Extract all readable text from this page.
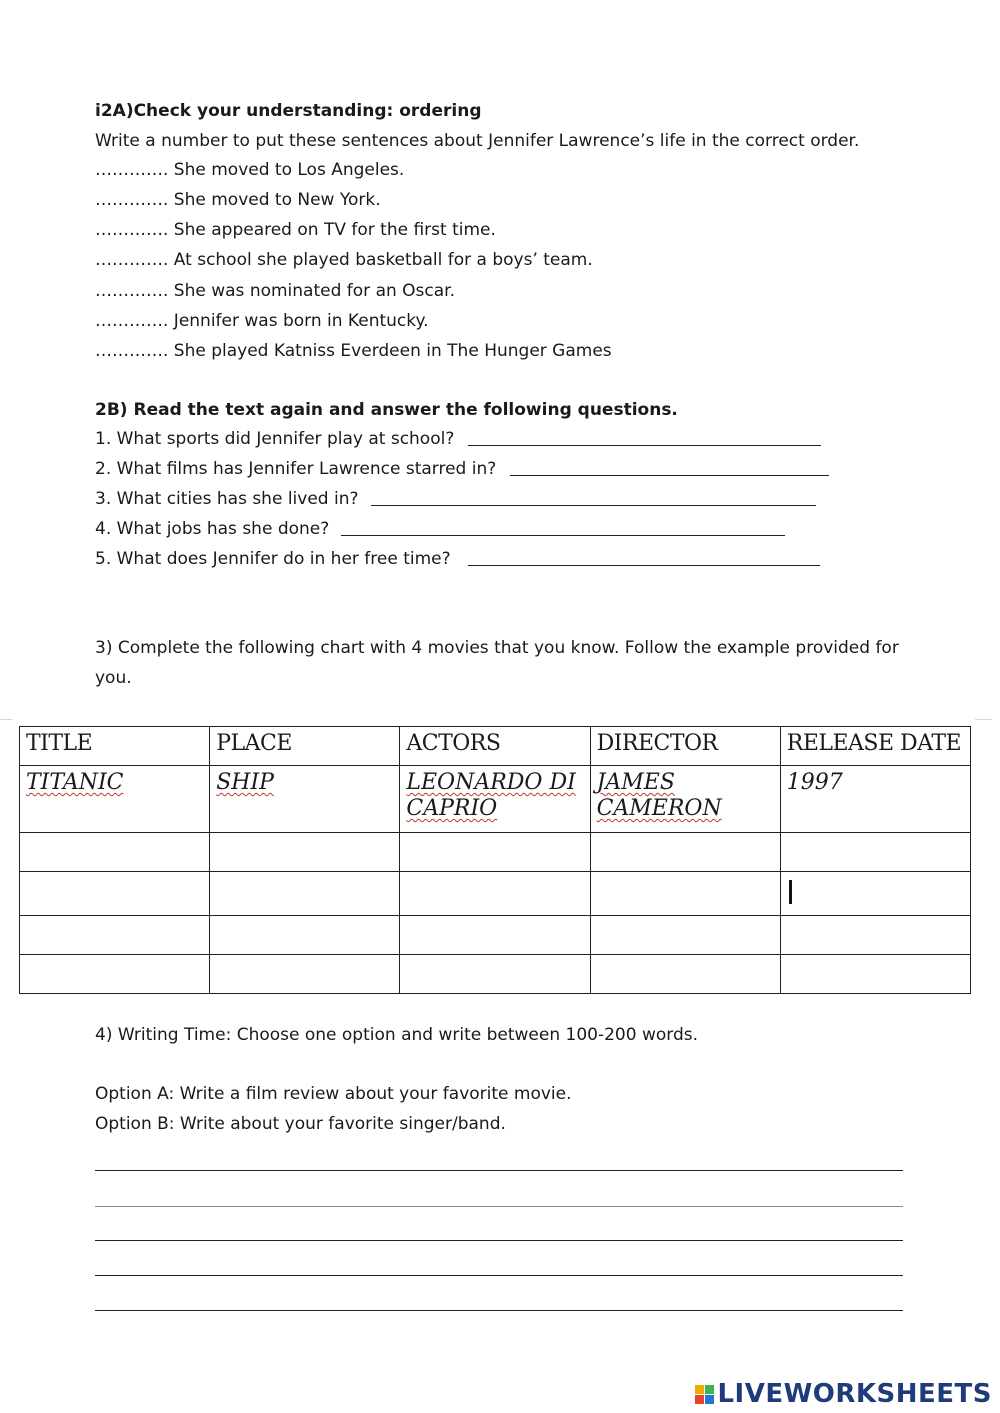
i2A)Check your understanding: ordering
Write a number to put these sentences about Jennifer Lawrence’s life in the correct order.
…………. She moved to Los Angeles.
…………. She moved to New York.
…………. She appeared on TV for the first time.
…………. At school she played basketball for a boys’ team.
…………. She was nominated for an Oscar.
…………. Jennifer was born in Kentucky.
…………. She played Katniss Everdeen in The Hunger Games
2B) Read the text again and answer the following questions.
1. What sports did Jennifer play at school?
2. What films has Jennifer Lawrence starred in?
3. What cities has she lived in?
4. What jobs has she done?
5. What does Jennifer do in her free time?
3) Complete the following chart with 4 movies that you know. Follow the example provided for
you.
TITLE	PLACE	ACTORS	DIRECTOR	RELEASE DATE
TITANIC	SHIP	LEONARDO DI CAPRIO	JAMES CAMERON	1997

4) Writing Time: Choose one option and write between 100-200 words.
Option A: Write a film review about your favorite movie.
Option B: Write about your favorite singer/band.
LIVEWORKSHEETS
